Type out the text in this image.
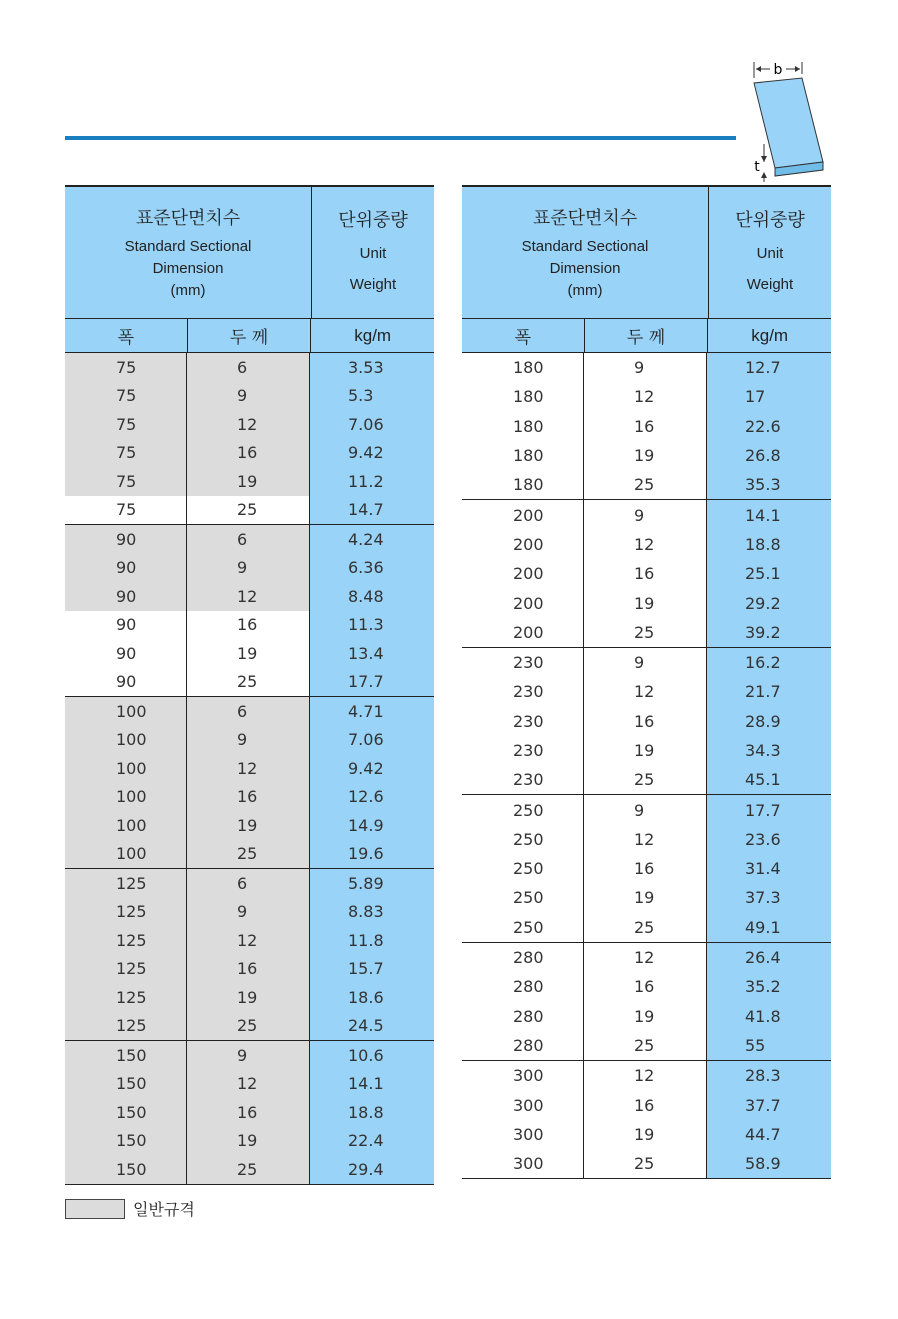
b
t
표준단면치수
Standard Sectional
Dimension
(mm)
단위중량
Unit
Weight
폭	두 께	kg/m
75	6	3.53
75	9	5.3
75	12	7.06
75	16	9.42
75	19	11.2
75	25	14.7
90	6	4.24
90	9	6.36
90	12	8.48
90	16	11.3
90	19	13.4
90	25	17.7
100	6	4.71
100	9	7.06
100	12	9.42
100	16	12.6
100	19	14.9
100	25	19.6
125	6	5.89
125	9	8.83
125	12	11.8
125	16	15.7
125	19	18.6
125	25	24.5
150	9	10.6
150	12	14.1
150	16	18.8
150	19	22.4
150	25	29.4
표준단면치수
Standard Sectional
Dimension
(mm)
단위중량
Unit
Weight
폭	두 께	kg/m
180	9	12.7
180	12	17
180	16	22.6
180	19	26.8
180	25	35.3
200	9	14.1
200	12	18.8
200	16	25.1
200	19	29.2
200	25	39.2
230	9	16.2
230	12	21.7
230	16	28.9
230	19	34.3
230	25	45.1
250	9	17.7
250	12	23.6
250	16	31.4
250	19	37.3
250	25	49.1
280	12	26.4
280	16	35.2
280	19	41.8
280	25	55
300	12	28.3
300	16	37.7
300	19	44.7
300	25	58.9
일반규격
